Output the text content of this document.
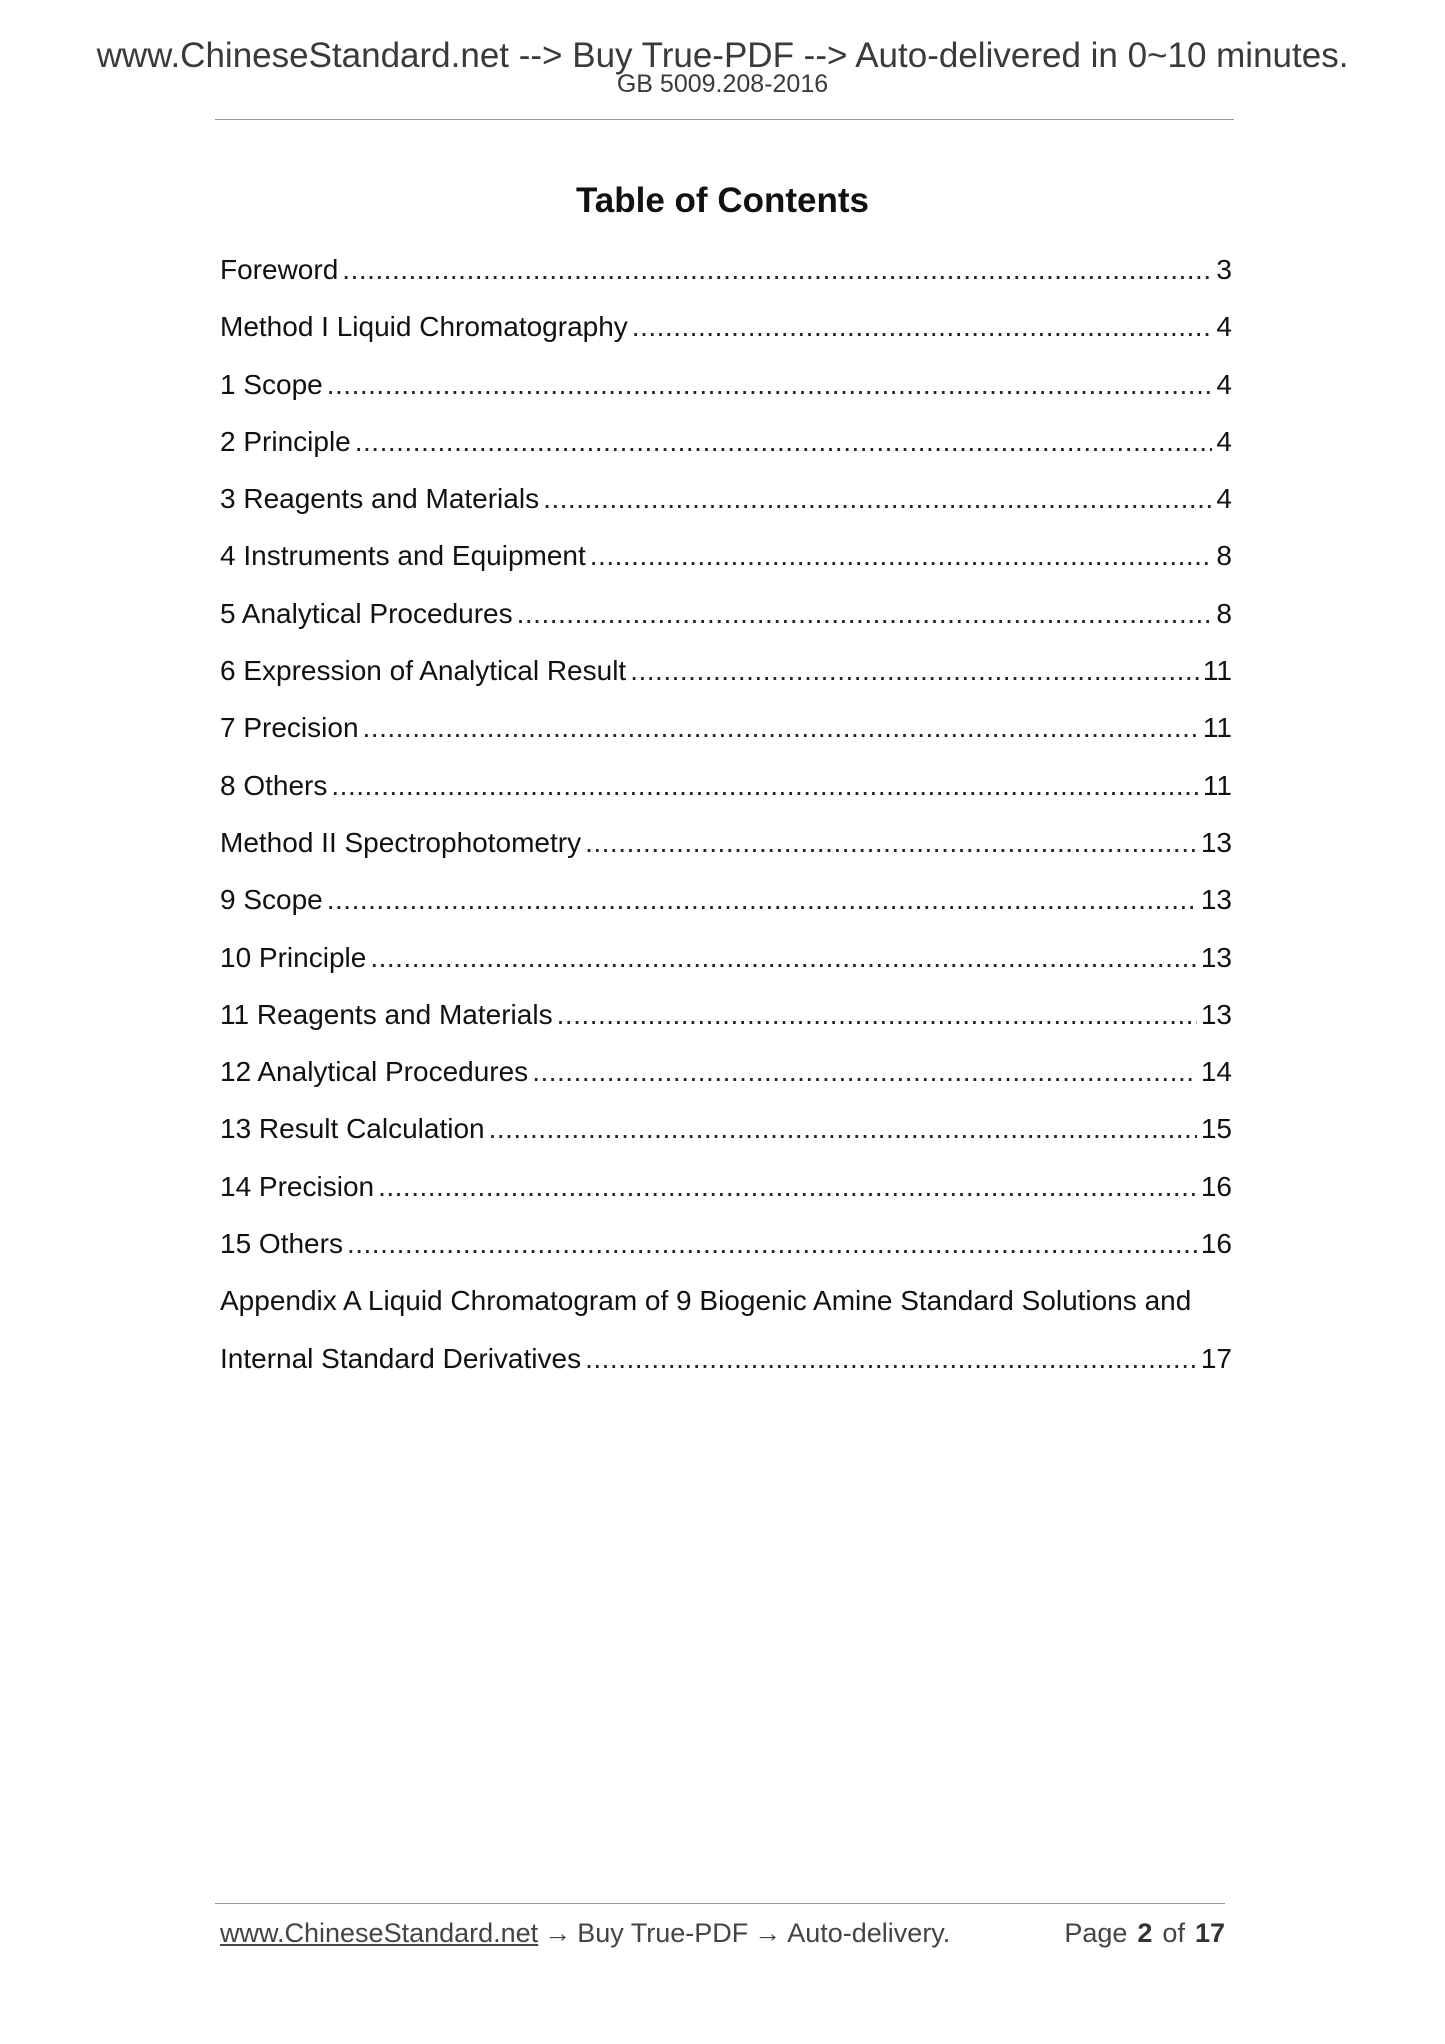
www.ChineseStandard.net --> Buy True-PDF --> Auto-delivered in 0~10 minutes.
GB 5009.208-2016
Table of Contents
Foreword .....	3
Method I Liquid Chromatography .....	4
1 Scope .....	4
2 Principle .....	4
3 Reagents and Materials .....	4
4 Instruments and Equipment .....	8
5 Analytical Procedures .....	8
6 Expression of Analytical Result .....	11
7 Precision .....	11
8 Others .....	11
Method II Spectrophotometry .....	13
9 Scope .....	13
10 Principle .....	13
11 Reagents and Materials .....	13
12 Analytical Procedures .....	14
13 Result Calculation .....	15
14 Precision .....	16
15 Others .....	16
Appendix A Liquid Chromatogram of 9 Biogenic Amine Standard Solutions and
Internal Standard Derivatives .....	17
www.ChineseStandard.net → Buy True-PDF → Auto-delivery.	Page 2 of 17
